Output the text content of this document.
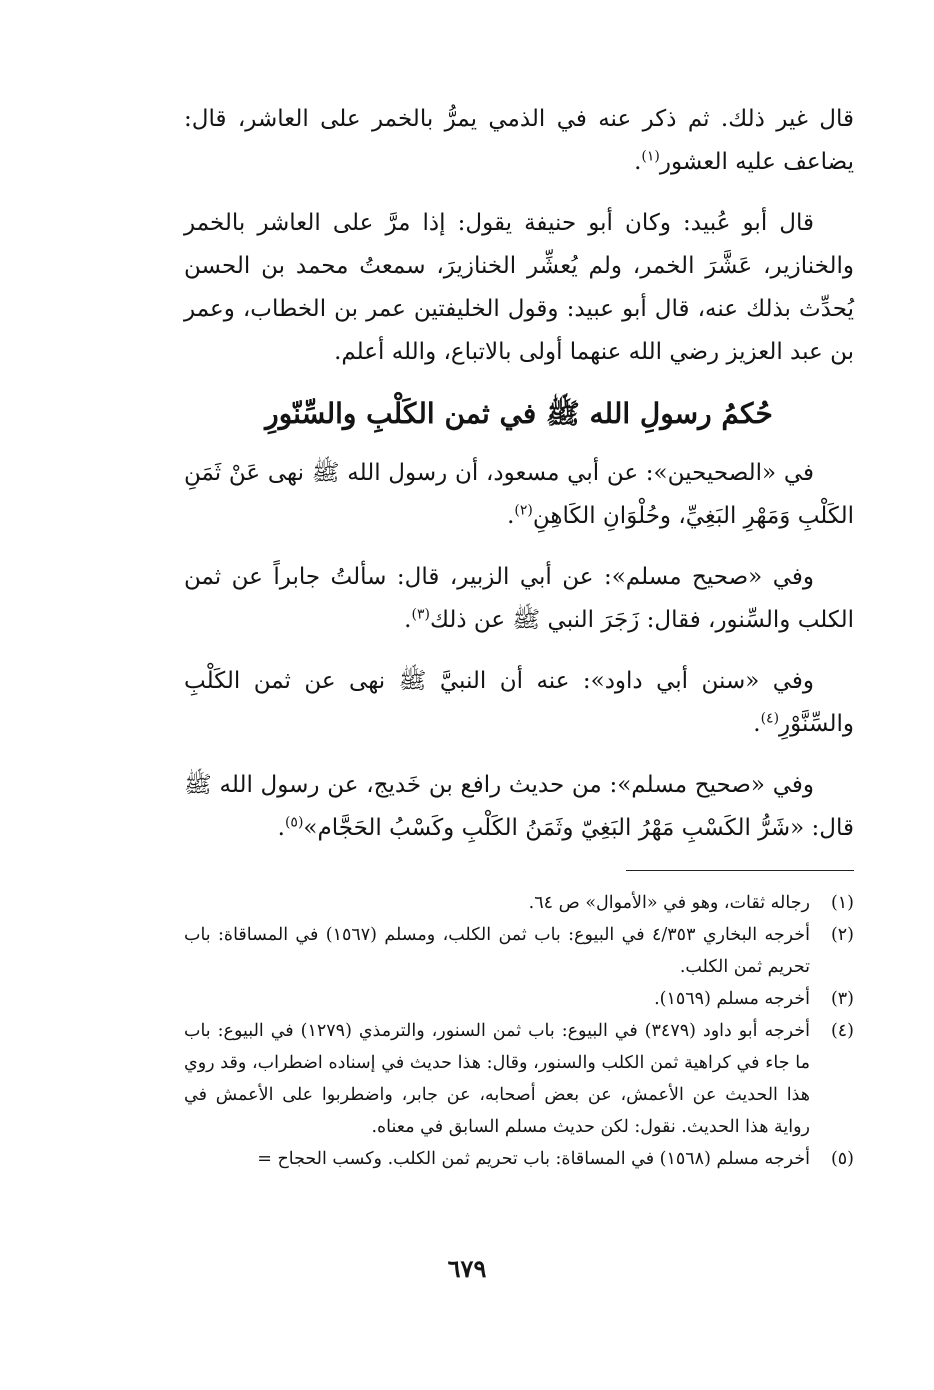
قال غير ذلك. ثم ذكر عنه في الذمي يمرُّ بالخمر على العاشر، قال: يضاعف عليه العشور$^{(١)}$.

قال أبو عُبيد: وكان أبو حنيفة يقول: إذا مرَّ على العاشر بالخمر والخنازير، عَشَّرَ الخمر، ولم يُعشِّر الخنازيرَ، سمعتُ محمد بن الحسن يُحدِّث بذلك عنه، قال أبو عبيد: وقول الخليفتين عمر بن الخطاب، وعمر بن عبد العزيز رضي الله عنهما أولى بالاتباع، والله أعلم.

حُكمُ رسولِ الله ﷺ في ثمن الكَلْبِ والسِّنّورِ

في «الصحيحين»: عن أبي مسعود، أن رسول الله ﷺ نهى عَنْ ثَمَنِ الكَلْبِ وَمَهْرِ البَغِيِّ، وحُلْوَانِ الكَاهِنِ$^{(٢)}$.

وفي «صحيح مسلم»: عن أبي الزبير، قال: سألتُ جابراً عن ثمن الكلب والسِّنور، فقال: زَجَرَ النبي ﷺ عن ذلك$^{(٣)}$.

وفي «سنن أبي داود»: عنه أن النبيَّ ﷺ نهى عن ثمن الكَلْبِ والسِّنَّوْرِ$^{(٤)}$.

وفي «صحيح مسلم»: من حديث رافع بن خَديج، عن رسول الله ﷺ قال: «شَرُّ الكَسْبِ مَهْرُ البَغِيّ وثَمَنُ الكَلْبِ وكَسْبُ الحَجَّام»$^{(٥)}$.

(١)
رجاله ثقات، وهو في «الأموال» ص ٦٤.
(٢)
أخرجه البخاري ٤/٣٥٣ في البيوع: باب ثمن الكلب، ومسلم (١٥٦٧) في المساقاة: باب تحريم ثمن الكلب.
(٣)
أخرجه مسلم (١٥٦٩).
(٤)
أخرجه أبو داود (٣٤٧٩) في البيوع: باب ثمن السنور، والترمذي (١٢٧٩) في البيوع: باب ما جاء في كراهية ثمن الكلب والسنور، وقال: هذا حديث في إسناده اضطراب، وقد روي هذا الحديث عن الأعمش، عن بعض أصحابه، عن جابر، واضطربوا على الأعمش في رواية هذا الحديث. نقول: لكن حديث مسلم السابق في معناه.
(٥)
أخرجه مسلم (١٥٦٨) في المساقاة: باب تحريم ثمن الكلب. وكسب الحجاح =
٦٧٩
